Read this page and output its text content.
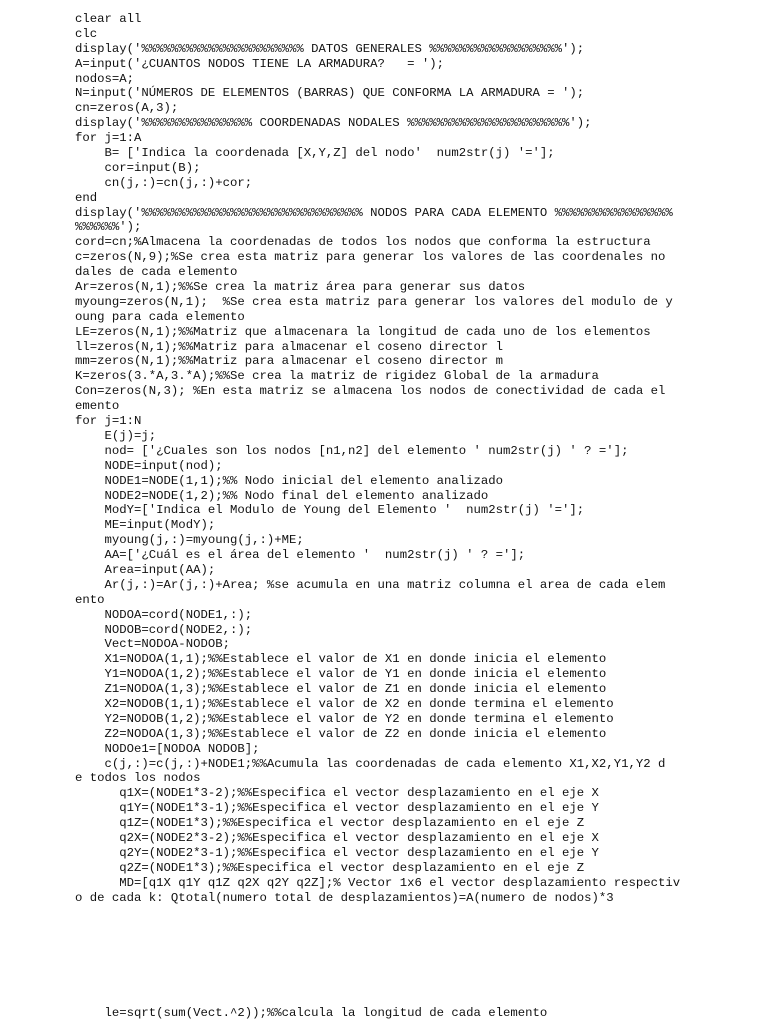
clear all
clc
display('%%%%%%%%%%%%%%%%%%%%%% DATOS GENERALES %%%%%%%%%%%%%%%%%%');
A=input('¿CUANTOS NODOS TIENE LA ARMADURA?   = ');
nodos=A;
N=input('NÚMEROS DE ELEMENTOS (BARRAS) QUE CONFORMA LA ARMADURA = ');
cn=zeros(A,3);
display('%%%%%%%%%%%%%%% COORDENADAS NODALES %%%%%%%%%%%%%%%%%%%%%%');
for j=1:A
B= ['Indica la coordenada [X,Y,Z] del nodo'  num2str(j) '='];
cor=input(B);
cn(j,:)=cn(j,:)+cor;
end
display('%%%%%%%%%%%%%%%%%%%%%%%%%%%%%% NODOS PARA CADA ELEMENTO %%%%%%%%%%%%%%%%
%%%%%%');
cord=cn;%Almacena la coordenadas de todos los nodos que conforma la estructura
c=zeros(N,9);%Se crea esta matriz para generar los valores de las coordenales no
dales de cada elemento
Ar=zeros(N,1);%%Se crea la matriz área para generar sus datos
myoung=zeros(N,1);  %Se crea esta matriz para generar los valores del modulo de y
oung para cada elemento
LE=zeros(N,1);%%Matriz que almacenara la longitud de cada uno de los elementos
ll=zeros(N,1);%%Matriz para almacenar el coseno director l
mm=zeros(N,1);%%Matriz para almacenar el coseno director m
K=zeros(3.*A,3.*A);%%Se crea la matriz de rigidez Global de la armadura
Con=zeros(N,3); %En esta matriz se almacena los nodos de conectividad de cada el
emento
for j=1:N
E(j)=j;
nod= ['¿Cuales son los nodos [n1,n2] del elemento ' num2str(j) ' ? ='];
NODE=input(nod);
NODE1=NODE(1,1);%% Nodo inicial del elemento analizado
NODE2=NODE(1,2);%% Nodo final del elemento analizado
ModY=['Indica el Modulo de Young del Elemento '  num2str(j) '='];
ME=input(ModY);
myoung(j,:)=myoung(j,:)+ME;
AA=['¿Cuál es el área del elemento '  num2str(j) ' ? ='];
Area=input(AA);
Ar(j,:)=Ar(j,:)+Area; %se acumula en una matriz columna el area de cada elem
ento
NODOA=cord(NODE1,:);
NODOB=cord(NODE2,:);
Vect=NODOA-NODOB;
X1=NODOA(1,1);%%Establece el valor de X1 en donde inicia el elemento
Y1=NODOA(1,2);%%Establece el valor de Y1 en donde inicia el elemento
Z1=NODOA(1,3);%%Establece el valor de Z1 en donde inicia el elemento
X2=NODOB(1,1);%%Establece el valor de X2 en donde termina el elemento
Y2=NODOB(1,2);%%Establece el valor de Y2 en donde termina el elemento
Z2=NODOA(1,3);%%Establece el valor de Z2 en donde inicia el elemento
NODOe1=[NODOA NODOB];
c(j,:)=c(j,:)+NODE1;%%Acumula las coordenadas de cada elemento X1,X2,Y1,Y2 d
e todos los nodos
q1X=(NODE1*3-2);%%Especifica el vector desplazamiento en el eje X
q1Y=(NODE1*3-1);%%Especifica el vector desplazamiento en el eje Y
q1Z=(NODE1*3);%%Especifica el vector desplazamiento en el eje Z
q2X=(NODE2*3-2);%%Especifica el vector desplazamiento en el eje X
q2Y=(NODE2*3-1);%%Especifica el vector desplazamiento en el eje Y
q2Z=(NODE1*3);%%Especifica el vector desplazamiento en el eje Z
MD=[q1X q1Y q1Z q2X q2Y q2Z];% Vector 1x6 el vector desplazamiento respectiv
o de cada k: Qtotal(numero total de desplazamientos)=A(numero de nodos)*3
le=sqrt(sum(Vect.^2));%%calcula la longitud de cada elemento
